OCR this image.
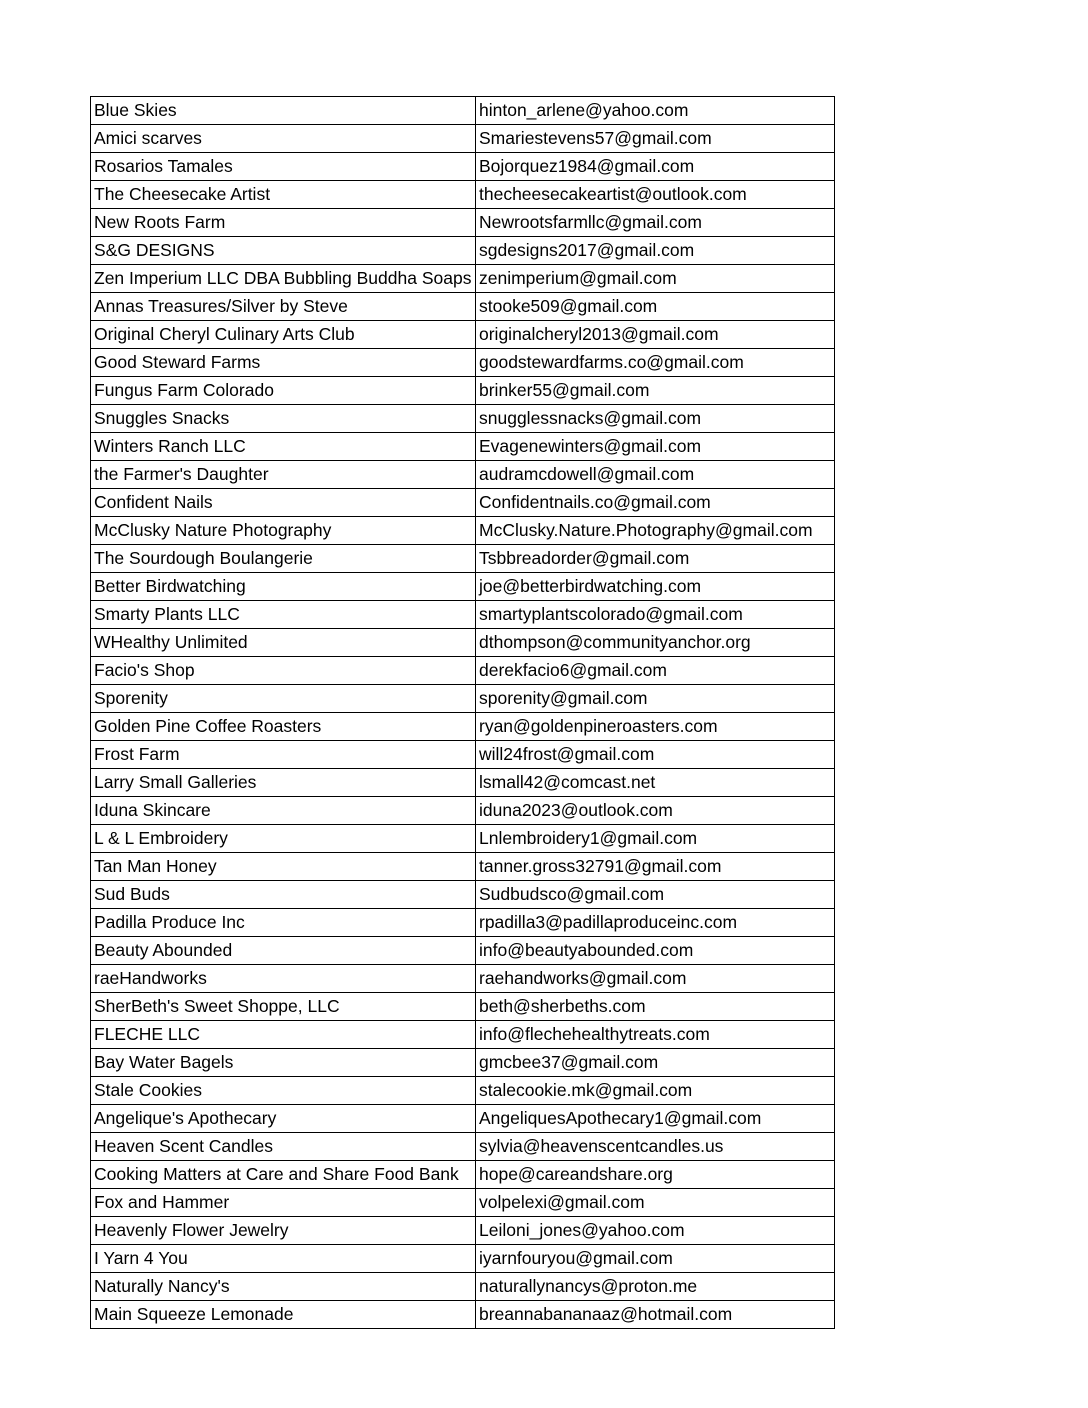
Blue Skies	hinton_arlene@yahoo.com
Amici scarves	Smariestevens57@gmail.com
Rosarios Tamales	Bojorquez1984@gmail.com
The Cheesecake Artist	thecheesecakeartist@outlook.com
New Roots Farm	Newrootsfarmllc@gmail.com
S&G DESIGNS	sgdesigns2017@gmail.com
Zen Imperium LLC DBA Bubbling Buddha Soaps	zenimperium@gmail.com
Annas Treasures/Silver by Steve	stooke509@gmail.com
Original Cheryl Culinary Arts Club	originalcheryl2013@gmail.com
Good Steward Farms	goodstewardfarms.co@gmail.com
Fungus Farm Colorado	brinker55@gmail.com
Snuggles Snacks	snugglessnacks@gmail.com
Winters Ranch LLC	Evagenewinters@gmail.com
the Farmer's Daughter	audramcdowell@gmail.com
Confident Nails	Confidentnails.co@gmail.com
McClusky Nature Photography	McClusky.Nature.Photography@gmail.com
The Sourdough Boulangerie	Tsbbreadorder@gmail.com
Better Birdwatching	joe@betterbirdwatching.com
Smarty Plants LLC	smartyplantscolorado@gmail.com
WHealthy Unlimited	dthompson@communityanchor.org
Facio's Shop	derekfacio6@gmail.com
Sporenity	sporenity@gmail.com
Golden Pine Coffee Roasters	ryan@goldenpineroasters.com
Frost Farm	will24frost@gmail.com
Larry Small Galleries	lsmall42@comcast.net
Iduna Skincare	iduna2023@outlook.com
L & L Embroidery	Lnlembroidery1@gmail.com
Tan Man Honey	tanner.gross32791@gmail.com
Sud Buds	Sudbudsco@gmail.com
Padilla Produce Inc	rpadilla3@padillaproduceinc.com
Beauty Abounded	info@beautyabounded.com
raeHandworks	raehandworks@gmail.com
SherBeth's Sweet Shoppe, LLC	beth@sherbeths.com
FLECHE LLC	info@flechehealthytreats.com
Bay Water Bagels	gmcbee37@gmail.com
Stale Cookies	stalecookie.mk@gmail.com
Angelique's Apothecary	AngeliquesApothecary1@gmail.com
Heaven Scent Candles	sylvia@heavenscentcandles.us
Cooking Matters at Care and Share Food Bank	hope@careandshare.org
Fox and Hammer	volpelexi@gmail.com
Heavenly Flower Jewelry	Leiloni_jones@yahoo.com
I Yarn 4 You	iyarnfouryou@gmail.com
Naturally Nancy's	naturallynancys@proton.me
Main Squeeze Lemonade	breannabananaaz@hotmail.com
